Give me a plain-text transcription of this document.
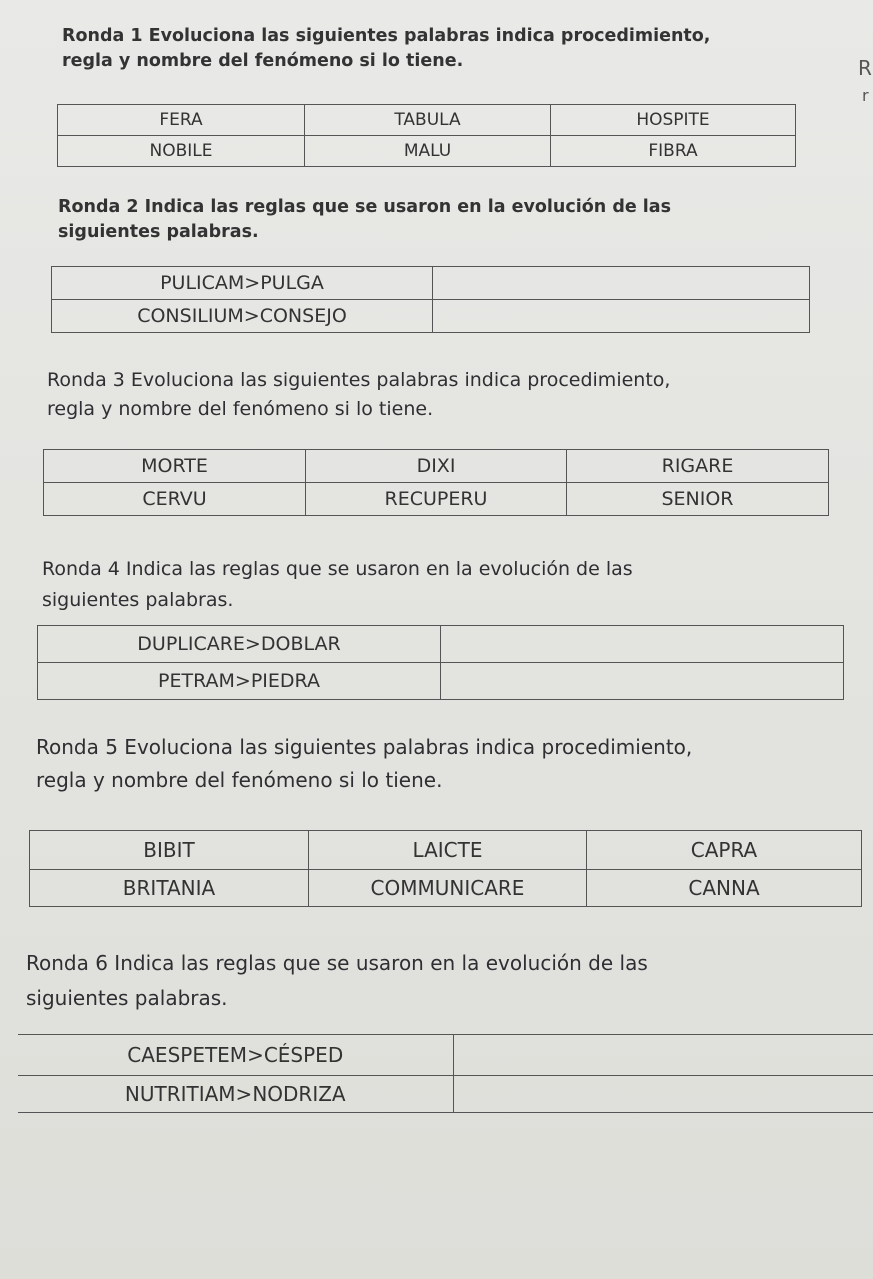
R
r
Ronda 1 Evoluciona las siguientes palabras indica procedimiento,
regla y nombre del fenómeno si lo tiene.
FERA	TABULA	HOSPITE
NOBILE	MALU	FIBRA
Ronda 2 Indica las reglas que se usaron en la evolución de las
siguientes palabras.
PULICAM>PULGA	
CONSILIUM>CONSEJO	
Ronda 3 Evoluciona las siguientes palabras indica procedimiento,
regla y nombre del fenómeno si lo tiene.
MORTE	DIXI	RIGARE
CERVU	RECUPERU	SENIOR
Ronda 4 Indica las reglas que se usaron en la evolución de las
siguientes palabras.
DUPLICARE>DOBLAR	
PETRAM>PIEDRA	
Ronda 5 Evoluciona las siguientes palabras indica procedimiento,
regla y nombre del fenómeno si lo tiene.
BIBIT	LAICTE	CAPRA
BRITANIA	COMMUNICARE	CANNA
Ronda 6 Indica las reglas que se usaron en la evolución de las
siguientes palabras.
CAESPETEM>CÉSPED	
NUTRITIAM>NODRIZA	
